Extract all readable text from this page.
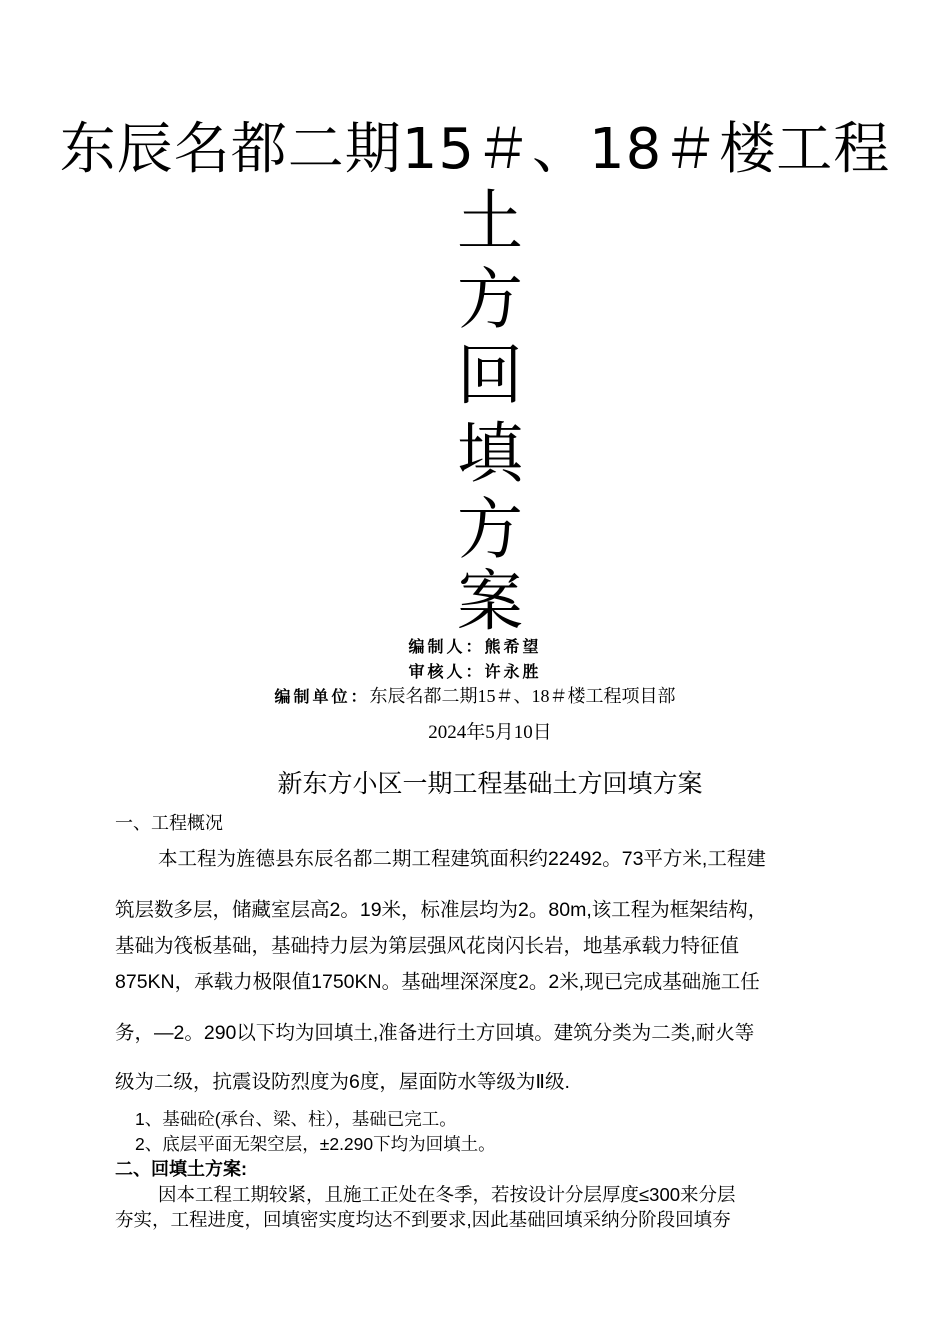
东辰名都二期15＃、18＃楼工程
土
方
回
填
方
案
编制人：熊希望
审核人：许永胜
编制单位：东辰名都二期15＃、18＃楼工程项目部
2024年5月10日
新东方小区一期工程基础土方回填方案
一、工程概况
本工程为旌德县东辰名都二期工程建筑面积约22492。73平方米,工程建
筑层数多层，储藏室层高2。19米，标准层均为2。80m,该工程为框架结构，
基础为筏板基础，基础持力层为第层强风花岗闪长岩，地基承载力特征值
875KN，承载力极限值1750KN。基础埋深深度2。2米,现已完成基础施工任
务，—2。290以下均为回填土,准备进行土方回填。建筑分类为二类,耐火等
级为二级，抗震设防烈度为6度，屋面防水等级为Ⅱ级.
1、基础砼(承台、梁、柱），基础已完工。
2、底层平面无架空层，±2.290下均为回填土。
二、回填土方案:
因本工程工期较紧，且施工正处在冬季，若按设计分层厚度≤300来分层
夯实，工程进度，回填密实度均达不到要求,因此基础回填采纳分阶段回填夯
